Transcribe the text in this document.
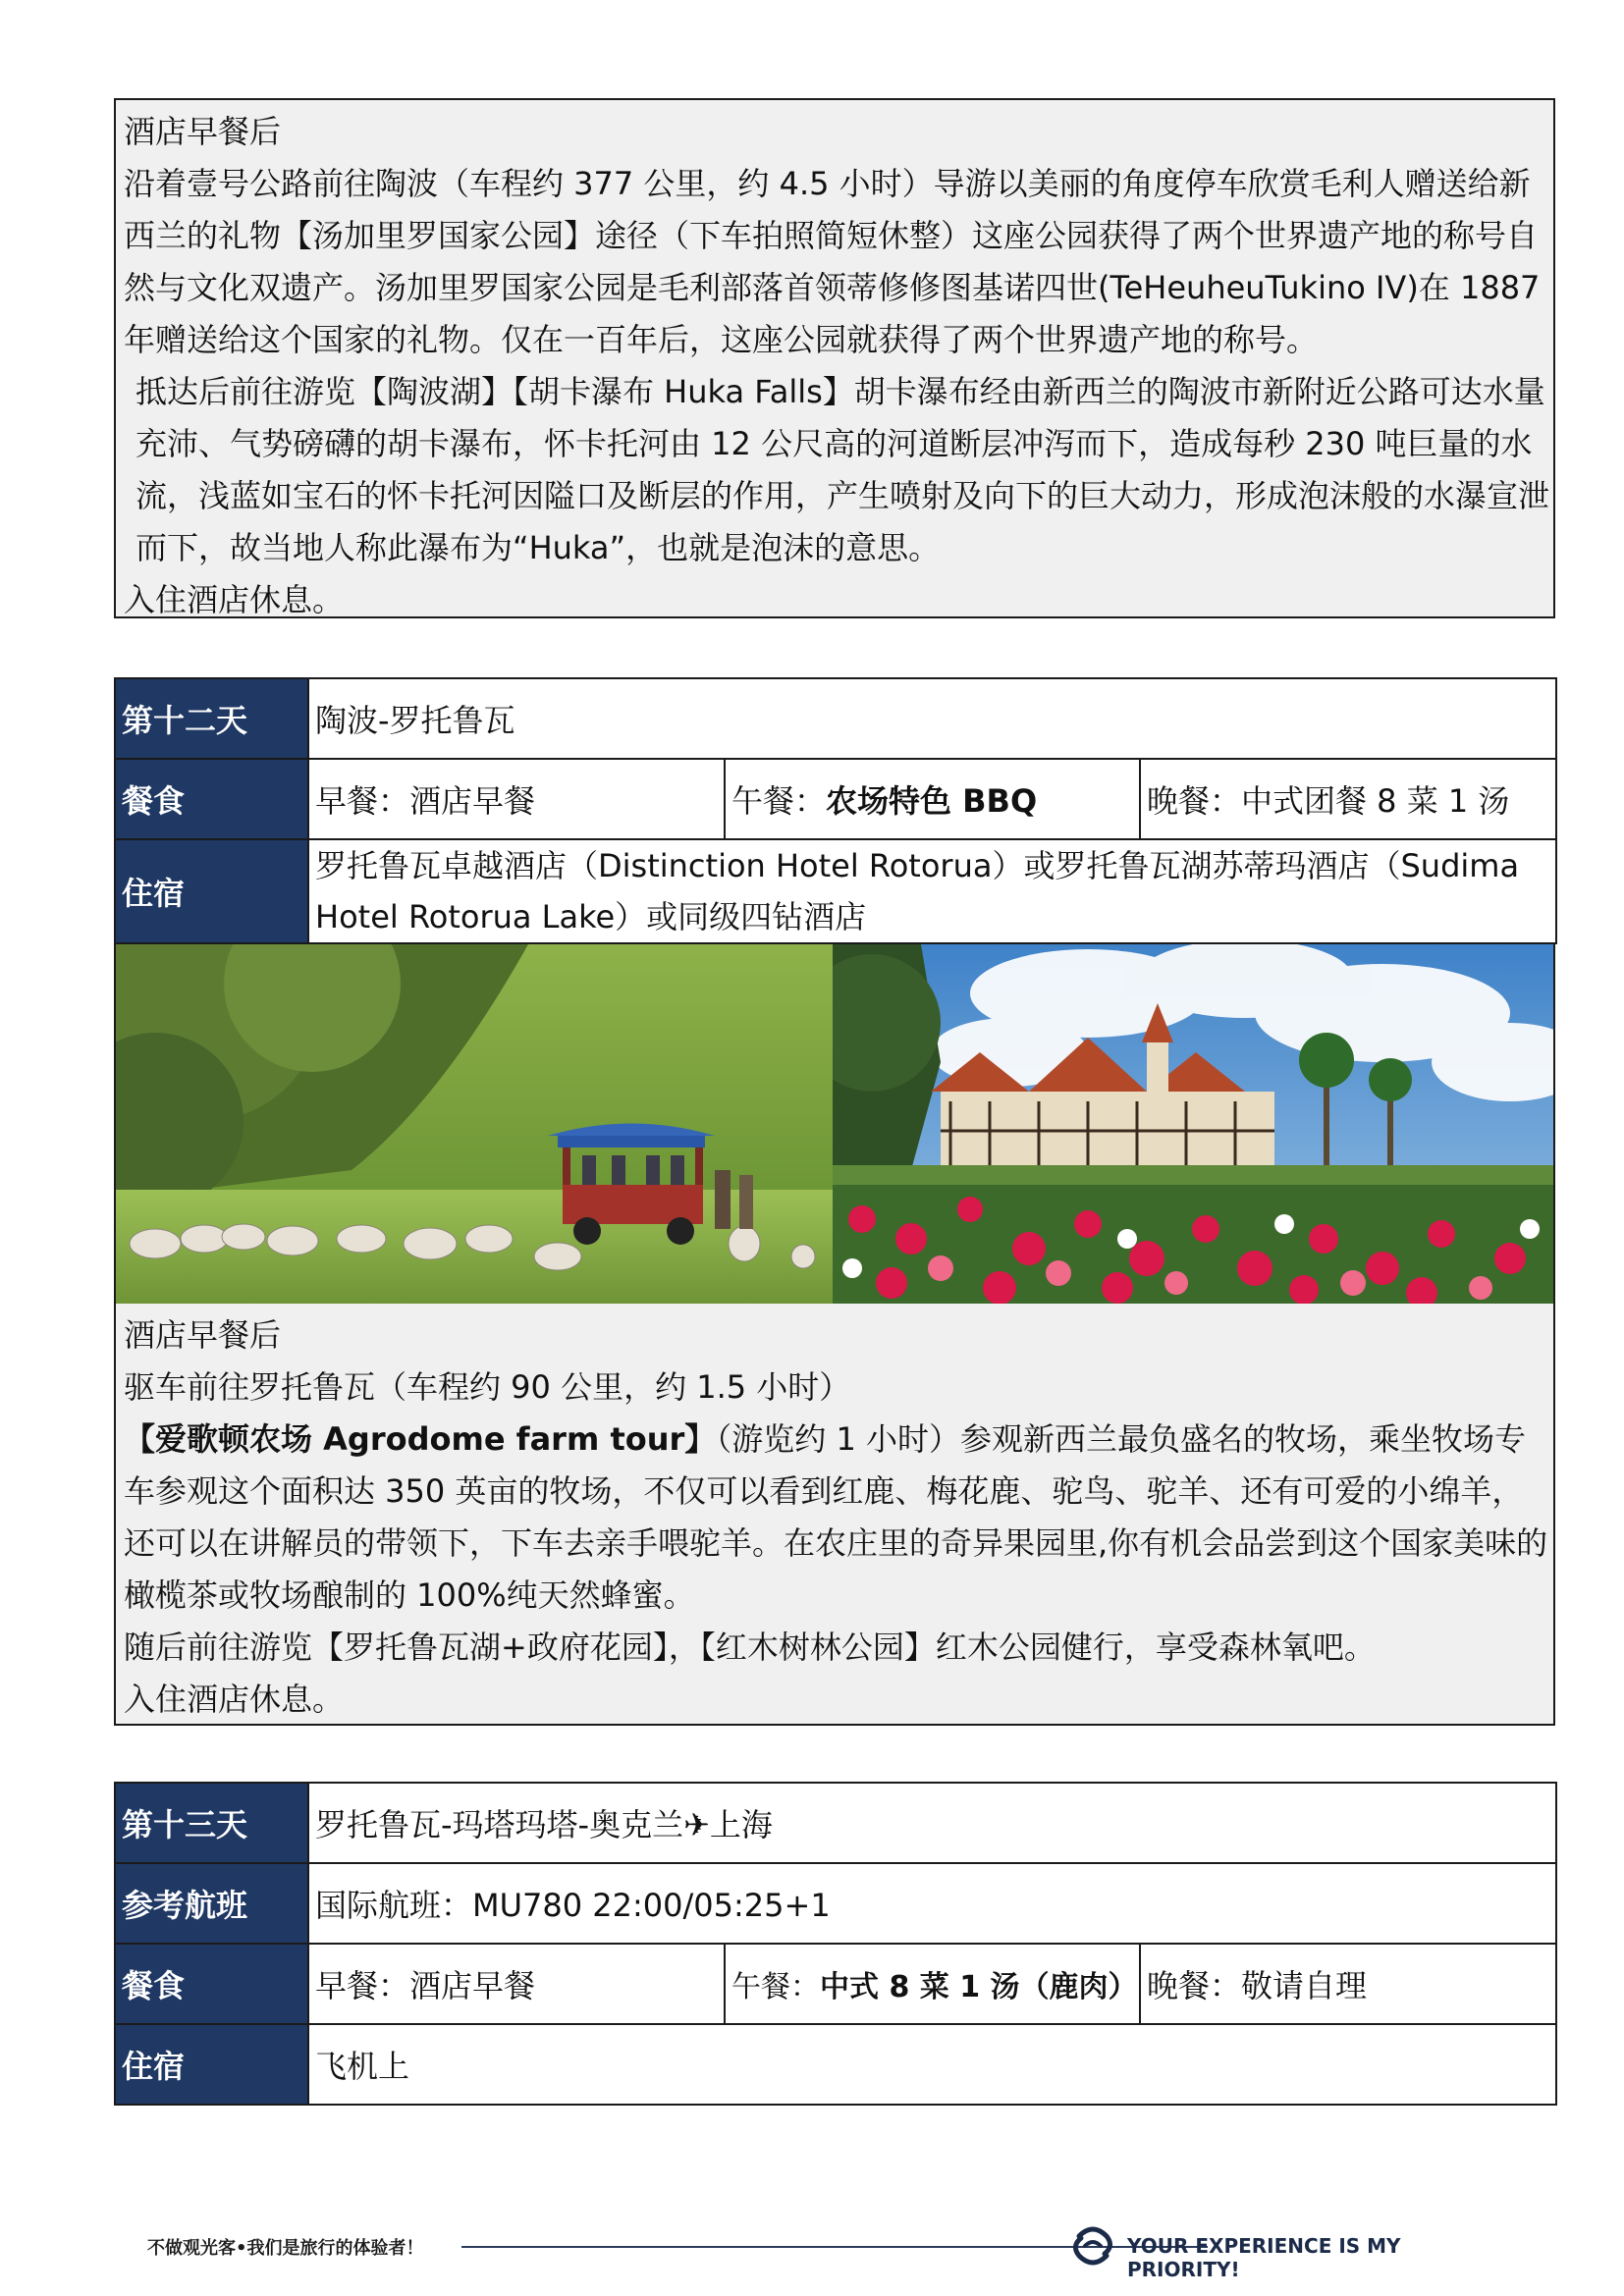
酒店早餐后

沿着壹号公路前往陶波（车程约 377 公里，约 4.5 小时）导游以美丽的角度停车欣赏毛利人赠送给新西兰的礼物【汤加里罗国家公园】途径（下车拍照简短休整）这座公园获得了两个世界遗产地的称号自然与文化双遗产。汤加里罗国家公园是毛利部落首领蒂修修图基诺四世(TeHeuheuTukino IV)在 1887 年赠送给这个国家的礼物。仅在一百年后，这座公园就获得了两个世界遗产地的称号。

抵达后前往游览【陶波湖】【胡卡瀑布 Huka Falls】胡卡瀑布经由新西兰的陶波市新附近公路可达水量充沛、气势磅礴的胡卡瀑布，怀卡托河由 12 公尺高的河道断层冲泻而下，造成每秒 230 吨巨量的水流，浅蓝如宝石的怀卡托河因隘口及断层的作用，产生喷射及向下的巨大动力，形成泡沫般的水瀑宣泄而下，故当地人称此瀑布为“Huka”，也就是泡沫的意思。

入住酒店休息。

第十二天	陶波-罗托鲁瓦		
餐食	早餐：酒店早餐	午餐：农场特色 BBQ	晚餐：中式团餐 8 菜 1 汤
住宿	罗托鲁瓦卓越酒店（Distinction Hotel Rotorua）或罗托鲁瓦湖苏蒂玛酒店（Sudima Hotel Rotorua Lake）或同级四钻酒店		

酒店早餐后

驱车前往罗托鲁瓦（车程约 90 公里，约 1.5 小时）

【爱歌顿农场 Agrodome farm tour】（游览约 1 小时）参观新西兰最负盛名的牧场，乘坐牧场专车参观这个面积达 350 英亩的牧场，不仅可以看到红鹿、梅花鹿、驼鸟、驼羊、还有可爱的小绵羊，还可以在讲解员的带领下，下车去亲手喂驼羊。在农庄里的奇异果园里,你有机会品尝到这个国家美味的橄榄茶或牧场酿制的 100%纯天然蜂蜜。

随后前往游览【罗托鲁瓦湖+政府花园】，【红木树林公园】红木公园健行，享受森林氧吧。

入住酒店休息。

第十三天	罗托鲁瓦-玛塔玛塔-奥克兰✈上海		
参考航班	国际航班：MU780 22:00/05:25+1		
餐食	早餐：酒店早餐	午餐：中式 8 菜 1 汤（鹿肉）	晚餐：敬请自理
住宿	飞机上		
不做观光客•我们是旅行的体验者！	YOUR EXPERIENCE IS MY PRIORITY!
